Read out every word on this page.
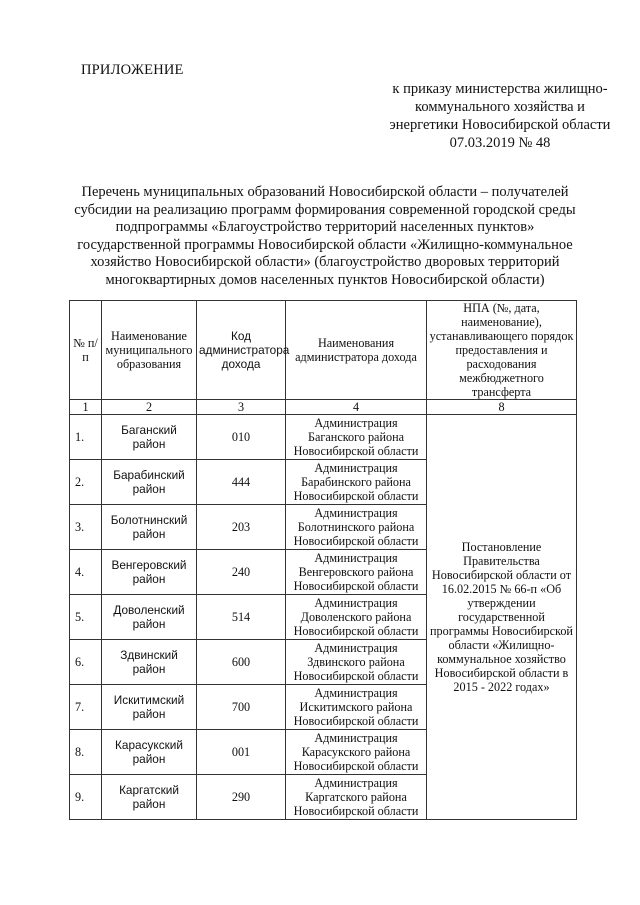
ПРИЛОЖЕНИЕ
к приказу министерства жилищно-
коммунального хозяйства и
энергетики Новосибирской области
07.03.2019 № 48
Перечень муниципальных образований Новосибирской области – получателей
субсидии на реализацию программ формирования современной городской среды
подпрограммы «Благоустройство территорий населенных пунктов»
государственной программы Новосибирской области «Жилищно-коммунальное
хозяйство Новосибирской области» (благоустройство дворовых территорий
многоквартирных домов населенных пунктов Новосибирской области)
№ п/п	Наименование муниципального образования	Код администратора дохода	Наименования администратора дохода	НПА (№, дата, наименование), устанавливающего порядок предоставления и расходования межбюджетного трансферта
1	2	3	4	8
1.	Баганский район	010	Администрация Баганского района Новосибирской области	Постановление Правительства Новосибирской области от 16.02.2015 № 66-п «Об утверждении государственной программы Новосибирской области «Жилищно-коммунальное хозяйство Новосибирской области в 2015 - 2022 годах»
2.	Барабинский район	444	Администрация Барабинского района Новосибирской области	
3.	Болотнинский район	203	Администрация Болотнинского района Новосибирской области	
4.	Венгеровский район	240	Администрация Венгеровского района Новосибирской области	
5.	Доволенский район	514	Администрация Доволенского района Новосибирской области	
6.	Здвинский район	600	Администрация Здвинского района Новосибирской области	
7.	Искитимский район	700	Администрация Искитимского района Новосибирской области	
8.	Карасукский район	001	Администрация Карасукского района Новосибирской области	
9.	Каргатский район	290	Администрация Каргатского района Новосибирской области	
